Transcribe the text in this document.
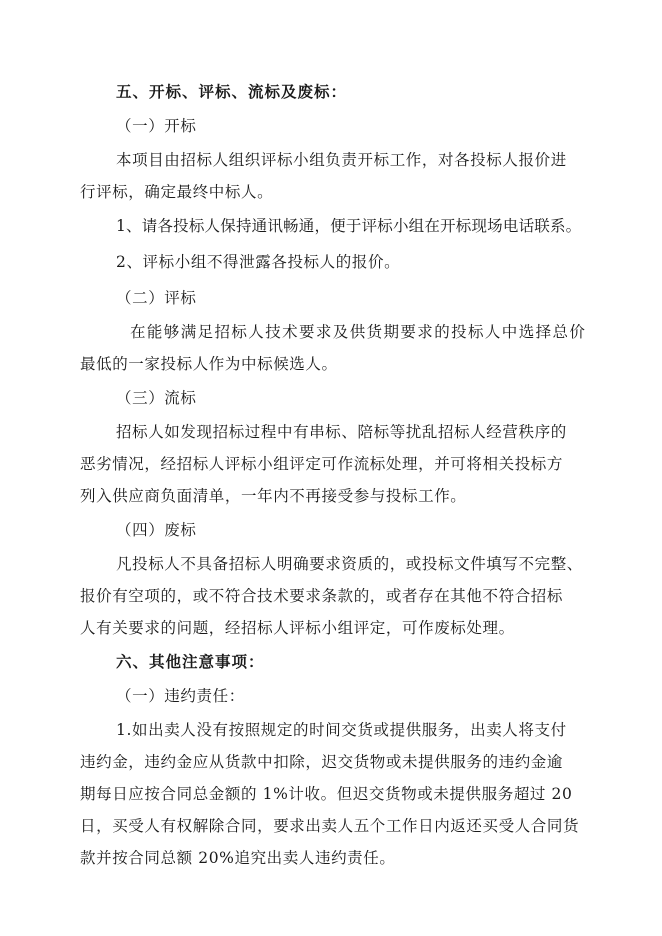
五、开标、评标、流标及废标：
（一）开标
本项目由招标人组织评标小组负责开标工作，对各投标人报价进
行评标，确定最终中标人。
1、请各投标人保持通讯畅通，便于评标小组在开标现场电话联系。
2、评标小组不得泄露各投标人的报价。
（二）评标
在能够满足招标人技术要求及供货期要求的投标人中选择总价
最低的一家投标人作为中标候选人。
（三）流标
招标人如发现招标过程中有串标、陪标等扰乱招标人经营秩序的
恶劣情况，经招标人评标小组评定可作流标处理，并可将相关投标方
列入供应商负面清单，一年内不再接受参与投标工作。
（四）废标
凡投标人不具备招标人明确要求资质的，或投标文件填写不完整、
报价有空项的，或不符合技术要求条款的，或者存在其他不符合招标
人有关要求的问题，经招标人评标小组评定，可作废标处理。
六、其他注意事项：
（一）违约责任：
1.如出卖人没有按照规定的时间交货或提供服务，出卖人将支付
违约金，违约金应从货款中扣除，迟交货物或未提供服务的违约金逾
期每日应按合同总金额的 1%计收。但迟交货物或未提供服务超过 20
日，买受人有权解除合同，要求出卖人五个工作日内返还买受人合同货
款并按合同总额 20%追究出卖人违约责任。
